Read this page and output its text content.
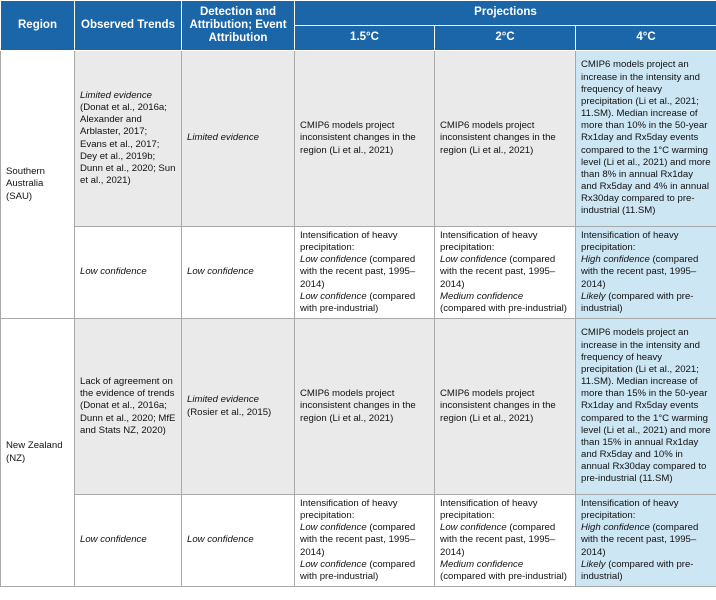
Region	Observed Trends	Detection and Attribution; Event Attribution	Projections		
			1.5°C	2°C	4°C
Southern Australia (SAU)	Limited evidence (Donat et al., 2016a; Alexander and Arblaster, 2017; Evans et al., 2017; Dey et al., 2019b; Dunn et al., 2020; Sun et al., 2021)	Limited evidence	CMIP6 models project inconsistent changes in the region (Li et al., 2021)	CMIP6 models project inconsistent changes in the region (Li et al., 2021)	CMIP6 models project an increase in the intensity and frequency of heavy precipitation (Li et al., 2021; 11.SM). Median increase of more than 10% in the 50-year Rx1day and Rx5day events compared to the 1°C warming level (Li et al., 2021) and more than 8% in annual Rx1day and Rx5day and 4% in annual Rx30day compared to pre-industrial (11.SM)
	Low confidence	Low confidence	Intensification of heavy precipitation:
Low confidence (compared with the recent past, 1995–2014)
Low confidence (compared with pre-industrial)	Intensification of heavy precipitation:
Low confidence (compared with the recent past, 1995–2014)
Medium confidence (compared with pre-industrial)	Intensification of heavy precipitation:
High confidence (compared with the recent past, 1995–2014)
Likely (compared with pre-industrial)

New Zealand (NZ)	Lack of agreement on the evidence of trends (Donat et al., 2016a; Dunn et al., 2020; MfE and Stats NZ, 2020)	Limited evidence (Rosier et al., 2015)	CMIP6 models project inconsistent changes in the region (Li et al., 2021)	CMIP6 models project inconsistent changes in the region (Li et al., 2021)	CMIP6 models project an increase in the intensity and frequency of heavy precipitation (Li et al., 2021; 11.SM). Median increase of more than 15% in the 50-year Rx1day and Rx5day events compared to the 1°C warming level (Li et al., 2021) and more than 15% in annual Rx1day and Rx5day and 10% in annual Rx30day compared to pre-industrial (11.SM)
	Low confidence	Low confidence	Intensification of heavy precipitation:
Low confidence (compared with the recent past, 1995–2014)
Low confidence (compared with pre-industrial)	Intensification of heavy precipitation:
Low confidence (compared with the recent past, 1995–2014)
Medium confidence (compared with pre-industrial)	Intensification of heavy precipitation:
High confidence (compared with the recent past, 1995–2014)
Likely (compared with pre-industrial)
